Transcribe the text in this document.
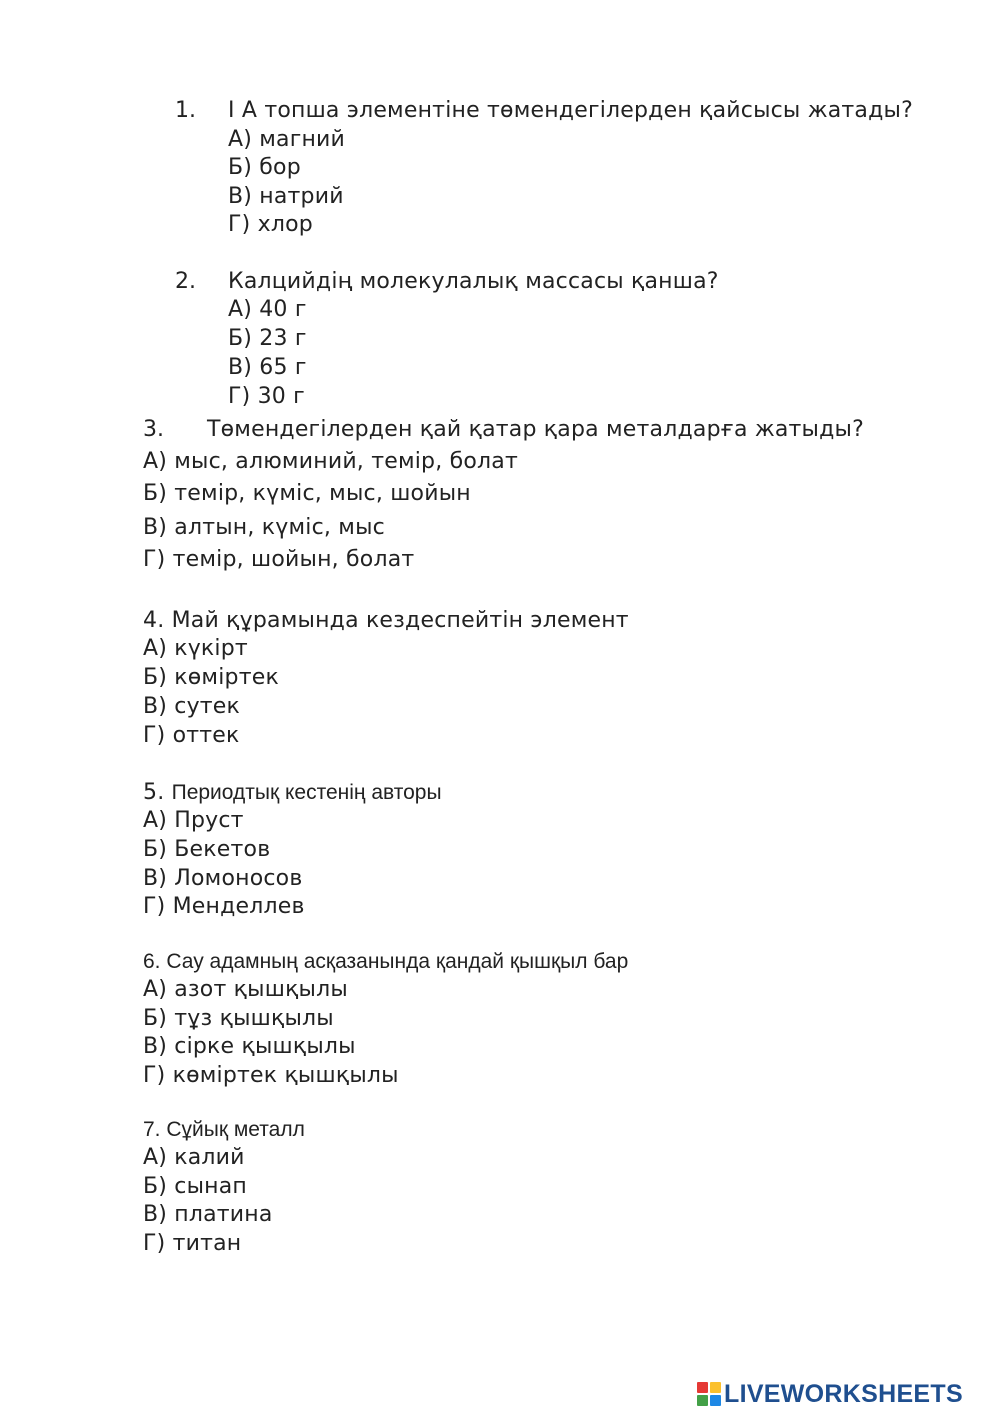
1. I А топша элементіне төмендегілерден қайсысы жатады?
А) магний
Б) бор
В) натрий
Г) хлор
2. Калцийдің молекулалық массасы қанша?
А) 40 г
Б) 23 г
В) 65 г
Г) 30 г
3. Төмендегілерден қай қатар қара металдарға жатыды?
А) мыс, алюминий, темір, болат
Б) темір, күміс, мыс, шойын
В) алтын, күміс, мыс
Г) темір, шойын, болат
4. Май құрамында кездеспейтін элемент
А) күкірт
Б) көміртек
В) сутек
Г) оттек
5. Периодтық кестенің авторы
А) Пруст
Б) Бекетов
В) Ломоносов
Г) Менделлев
6. Сау адамның асқазанында қандай қышқыл бар
А) азот қышқылы
Б) тұз қышқылы
В) сірке қышқылы
Г) көміртек қышқылы
7. Сұйық металл
А) калий
Б) сынап
В) платина
Г) титан
LIVEWORKSHEETS
